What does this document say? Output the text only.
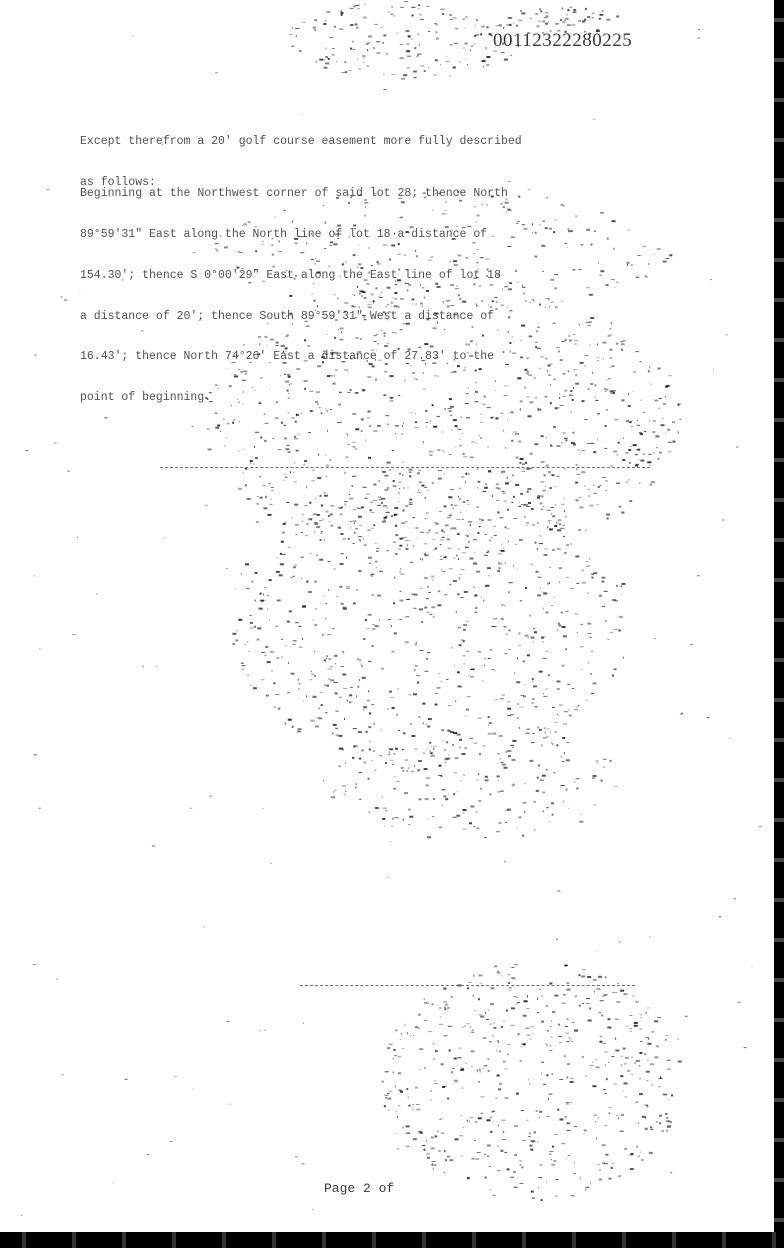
00112322280225

Except therefrom a 20' golf course easement more fully described

as follows:

Beginning at the Northwest corner of said lot 28; thence North

89°59'31" East along the North line of lot 18 a distance of

154.30'; thence S 0°00'29" East along the East line of lot 18

a distance of 20'; thence South 89°59'31" West a distance of

16.43'; thence North 74°26' East a distance of 27.83' to the

point of beginning.

Page 2 of
